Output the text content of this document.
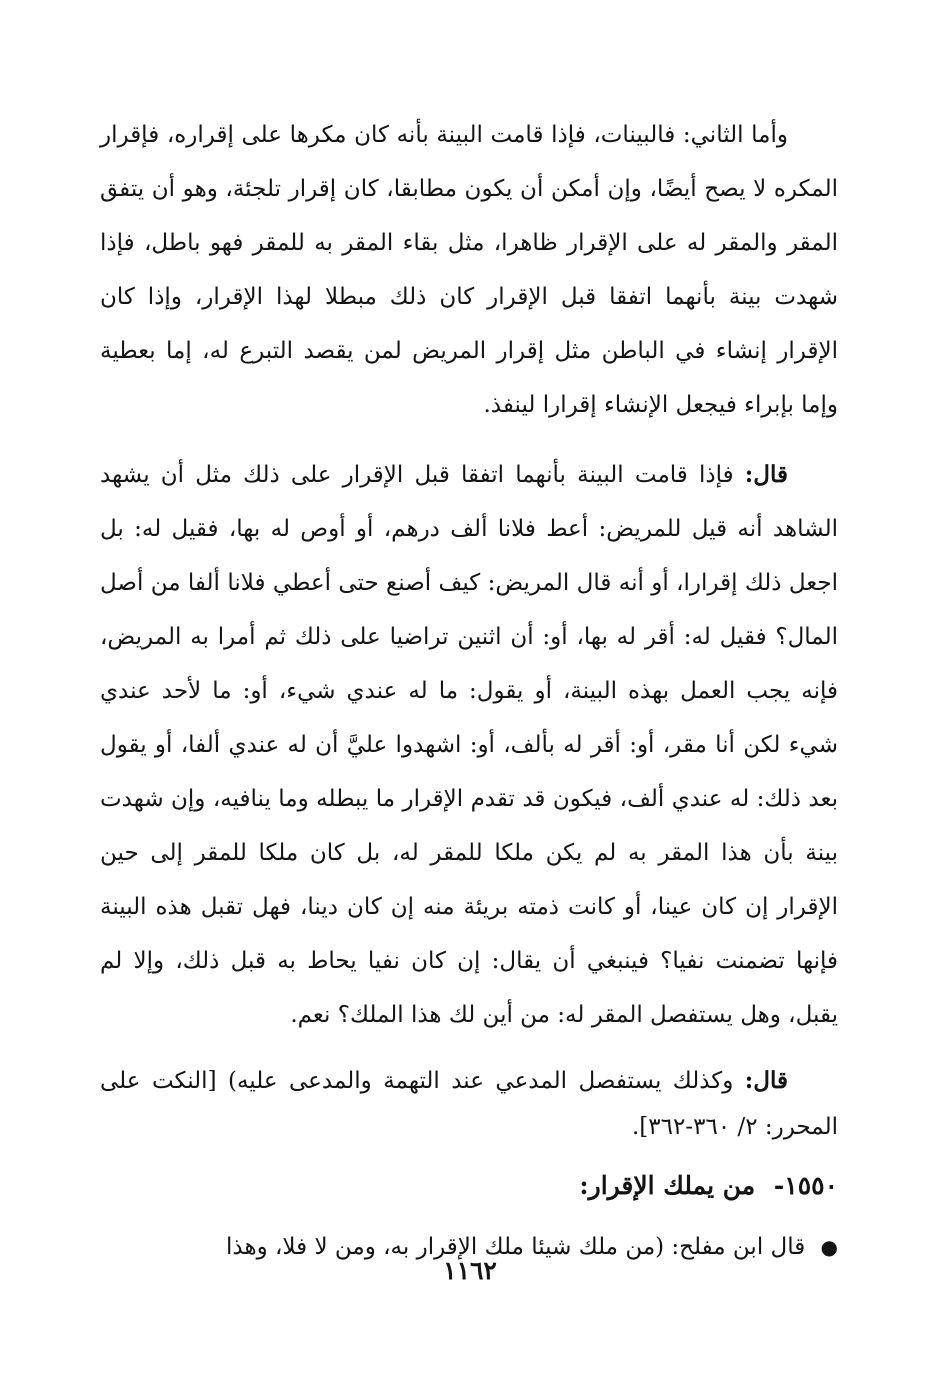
وأما الثاني: فالبينات، فإذا قامت البينة بأنه كان مكرها على إقراره، فإقرار المكره لا يصح أيضًا، وإن أمكن أن يكون مطابقا، كان إقرار تلجئة، وهو أن يتفق المقر والمقر له على الإقرار ظاهرا، مثل بقاء المقر به للمقر فهو باطل، فإذا شهدت بينة بأنهما اتفقا قبل الإقرار كان ذلك مبطلا لهذا الإقرار، وإذا كان الإقرار إنشاء في الباطن مثل إقرار المريض لمن يقصد التبرع له، إما بعطية وإما بإبراء فيجعل الإنشاء إقرارا لينفذ.

قال: فإذا قامت البينة بأنهما اتفقا قبل الإقرار على ذلك مثل أن يشهد الشاهد أنه قيل للمريض: أعط فلانا ألف درهم، أو أوص له بها، فقيل له: بل اجعل ذلك إقرارا، أو أنه قال المريض: كيف أصنع حتى أعطي فلانا ألفا من أصل المال؟ فقيل له: أقر له بها، أو: أن اثنين تراضيا على ذلك ثم أمرا به المريض، فإنه يجب العمل بهذه البينة، أو يقول: ما له عندي شيء، أو: ما لأحد عندي شيء لكن أنا مقر، أو: أقر له بألف، أو: اشهدوا عليَّ أن له عندي ألفا، أو يقول بعد ذلك: له عندي ألف، فيكون قد تقدم الإقرار ما يبطله وما ينافيه، وإن شهدت بينة بأن هذا المقر به لم يكن ملكا للمقر له، بل كان ملكا للمقر إلى حين الإقرار إن كان عينا، أو كانت ذمته بريئة منه إن كان دينا، فهل تقبل هذه البينة فإنها تضمنت نفيا؟ فينبغي أن يقال: إن كان نفيا يحاط به قبل ذلك، وإلا لم يقبل، وهل يستفصل المقر له: من أين لك هذا الملك؟ نعم.

قال: وكذلك يستفصل المدعي عند التهمة والمدعى عليه) [النكت على المحرر: ٢/ ٣٦٠-٣٦٢].

١٥٥٠- من يملك الإقرار:

● قال ابن مفلح: (من ملك شيئا ملك الإقرار به، ومن لا فلا، وهذا

١١٦٢
